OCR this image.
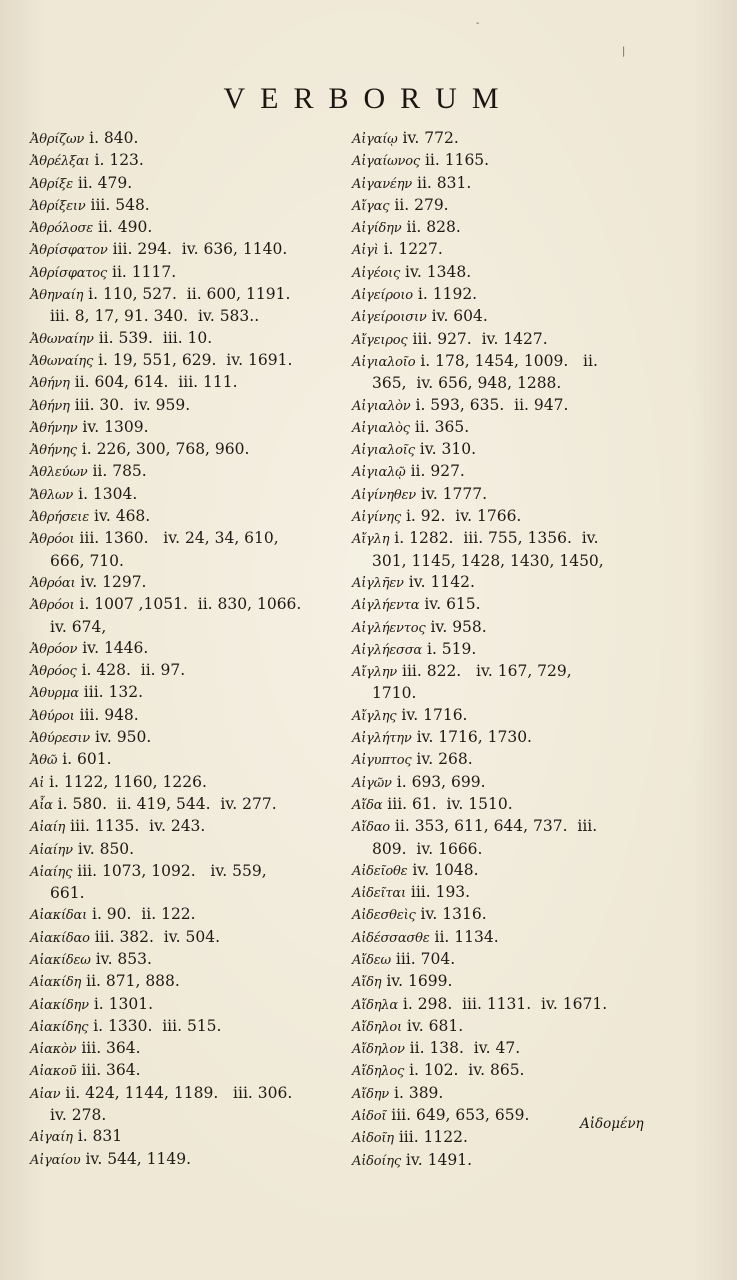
|
-
VERBORUM
Ἀθρίζων i. 840.
Ἀθρέλξαι i. 123.
Ἀθρίξε ii. 479.
Ἀθρίξειν iii. 548.
Ἀθρόλοσε ii. 490.
Ἀθρίσφατον iii. 294.  iv. 636, 1140.
Ἀθρίσφατος ii. 1117.
Ἀθηναίη i. 110, 527.  ii. 600, 1191.
iii. 8, 17, 91. 340.  iv. 583..
Ἀθωναίην ii. 539.  iii. 10.
Ἀθωναίης i. 19, 551, 629.  iv. 1691.
Ἀθήνη ii. 604, 614.  iii. 111.
Ἀθήνη iii. 30.  iv. 959.
Ἀθήνην iv. 1309.
Ἀθήνης i. 226, 300, 768, 960.
Ἀθλεύων ii. 785.
Ἄθλων i. 1304.
Ἀθρήσειε iv. 468.
Ἀθρόοι iii. 1360.   iv. 24, 34, 610,
666, 710.
Ἀθρόαι iv. 1297.
Ἀθρόοι i. 1007 ,1051.  ii. 830, 1066.
iv. 674,
Ἀθρόον iv. 1446.
Ἀθρόος i. 428.  ii. 97.
Ἀθυρμα iii. 132.
Ἀθύροι iii. 948.
Ἀθύρεσιν iv. 950.
Ἀθῶ i. 601.
Αἰ i. 1122, 1160, 1226.
Αἶα i. 580.  ii. 419, 544.  iv. 277.
Αἰαίη iii. 1135.  iv. 243.
Αἰαίην iv. 850.
Αἰαίης iii. 1073, 1092.   iv. 559,
661.
Αἰακίδαι i. 90.  ii. 122.
Αἰακίδαο iii. 382.  iv. 504.
Αἰακίδεω iv. 853.
Αἰακίδη ii. 871, 888.
Αἰακίδην i. 1301.
Αἰακίδης i. 1330.  iii. 515.
Αἰακὸν iii. 364.
Αἰακοῦ iii. 364.
Αἰαν ii. 424, 1144, 1189.   iii. 306.
iv. 278.
Αἰγαίη i. 831
Αἰγαίου iv. 544, 1149.
Αἰγαίῳ iv. 772.
Αἰγαίωνος ii. 1165.
Αἰγανέην ii. 831.
Αἴγας ii. 279.
Αἰγίδην ii. 828.
Αἰγὶ i. 1227.
Αἰγέοις iv. 1348.
Αἰγείροιο i. 1192.
Αἰγείροισιν iv. 604.
Αἴγειρος iii. 927.  iv. 1427.
Αἰγιαλοῖο i. 178, 1454, 1009.   ii.
365,  iv. 656, 948, 1288.
Αἰγιαλὸν i. 593, 635.  ii. 947.
Αἰγιαλὸς ii. 365.
Αἰγιαλοῖς iv. 310.
Αἰγιαλῷ ii. 927.
Αἰγίνηθεν iv. 1777.
Αἰγίνης i. 92.  iv. 1766.
Αἴγλη i. 1282.  iii. 755, 1356.  iv.
301, 1145, 1428, 1430, 1450,
Αἰγλῆεν iv. 1142.
Αἰγλήεντα iv. 615.
Αἰγλήεντος iv. 958.
Αἰγλήεσσα i. 519.
Αἴγλην iii. 822.   iv. 167, 729,
1710.
Αἴγλης iv. 1716.
Αἰγλήτην iv. 1716, 1730.
Αἰγυπτος iv. 268.
Αἰγῶν i. 693, 699.
Αἴδα iii. 61.  iv. 1510.
Αἴδαο ii. 353, 611, 644, 737.  iii.
809.  iv. 1666.
Αἰδεῖοθε iv. 1048.
Αἰδεῖται iii. 193.
Αἰδεσθεὶς iv. 1316.
Αἰδέσσασθε ii. 1134.
Αἴδεω iii. 704.
Αἴδη iv. 1699.
Αἴδηλα i. 298.  iii. 1131.  iv. 1671.
Αἴδηλοι iv. 681.
Αἴδηλον ii. 138.  iv. 47.
Αἴδηλος i. 102.  iv. 865.
Αἴδην i. 389.
Αἰδοῖ iii. 649, 653, 659.
Αἰδοῖη iii. 1122.
Αἰδοίης iv. 1491.
Αἰδομένη
